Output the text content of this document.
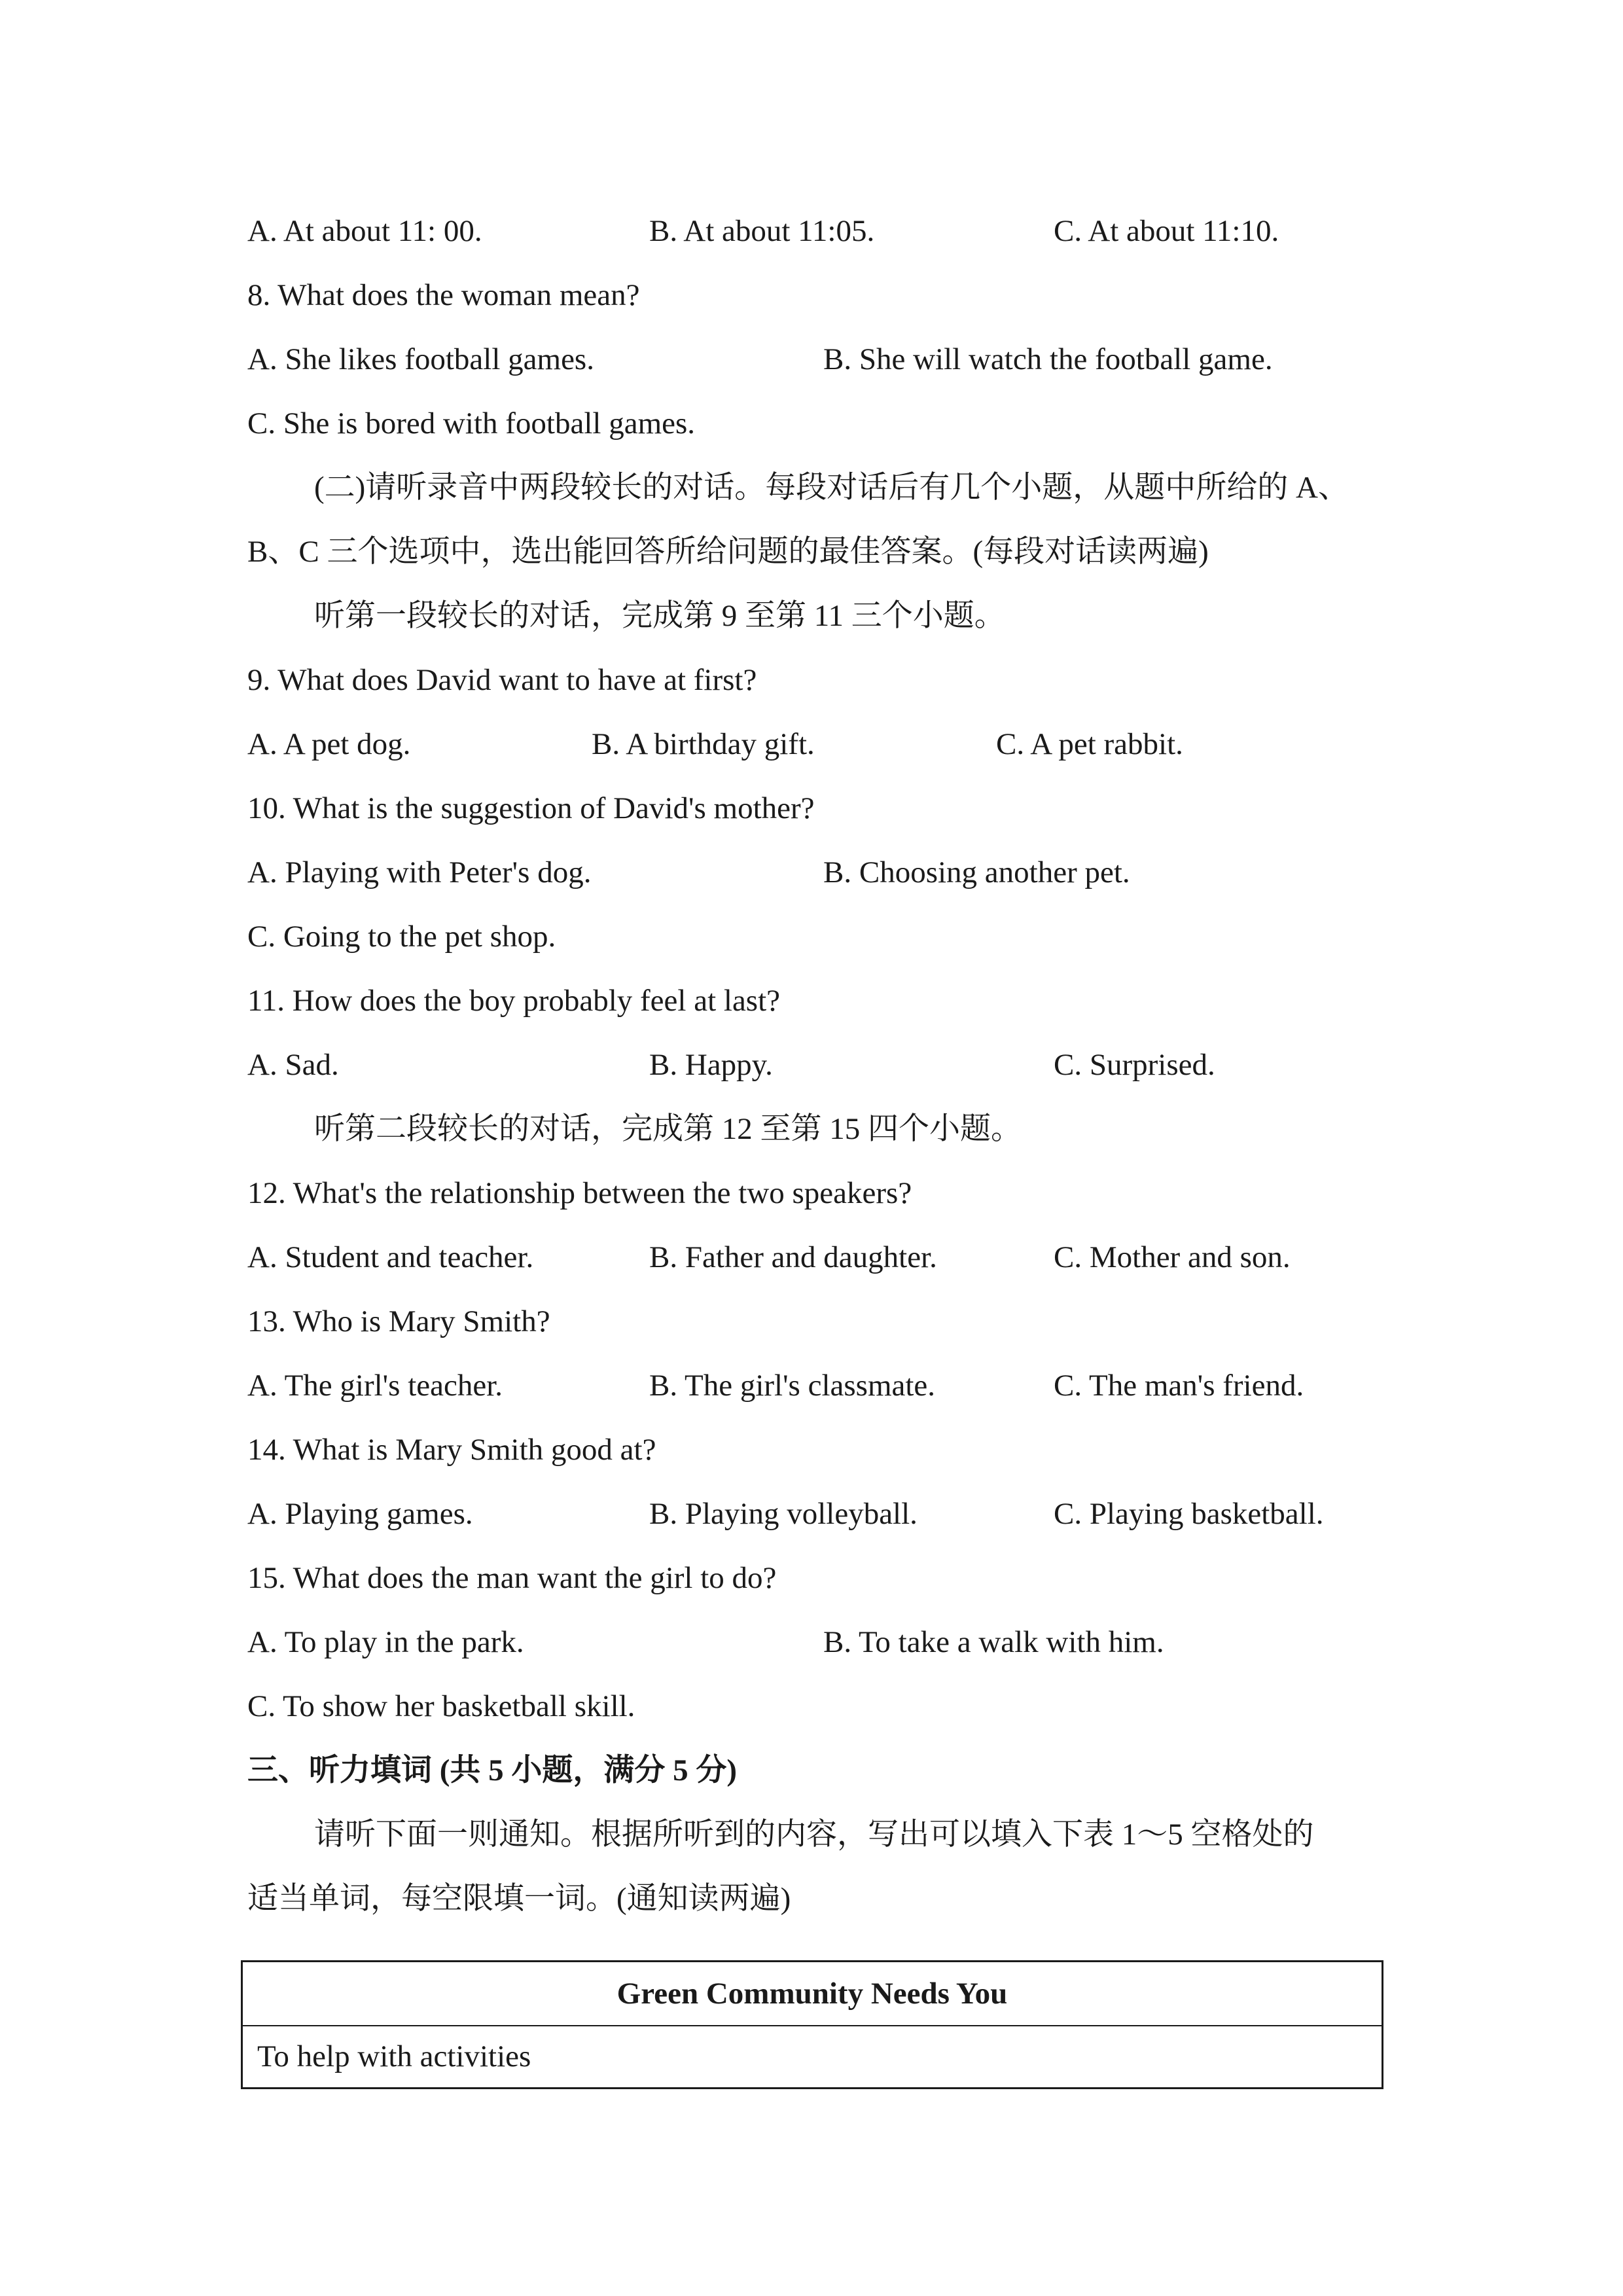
A. At about 11: 00.	B. At about 11:05.	C. At about 11:10.
8. What does the woman mean?
A. She likes football games.	B. She will watch the football game.
C. She is bored with football games.
(二)请听录音中两段较长的对话。每段对话后有几个小题，从题中所给的 A、
B、C 三个选项中，选出能回答所给问题的最佳答案。(每段对话读两遍)
听第一段较长的对话，完成第 9 至第 11 三个小题。
9. What does David want to have at first?
A. A pet dog.	B. A birthday gift.	C. A pet rabbit.
10. What is the suggestion of David's mother?
A. Playing with Peter's dog.	B. Choosing another pet.
C. Going to the pet shop.
11. How does the boy probably feel at last?
A. Sad.	B. Happy.	C. Surprised.
听第二段较长的对话，完成第 12 至第 15 四个小题。
12. What's the relationship between the two speakers?
A. Student and teacher.	B. Father and daughter.	C. Mother and son.
13. Who is Mary Smith?
A. The girl's teacher.	B. The girl's classmate.	C. The man's friend.
14. What is Mary Smith good at?
A. Playing games.	B. Playing volleyball.	C. Playing basketball.
15. What does the man want the girl to do?
A. To play in the park.	B. To take a walk with him.
C. To show her basketball skill.
三、听力填词 (共 5 小题，满分 5 分)
请听下面一则通知。根据所听到的内容，写出可以填入下表 1～5 空格处的
适当单词，每空限填一词。(通知读两遍)
Green Community Needs You
To help with activities
